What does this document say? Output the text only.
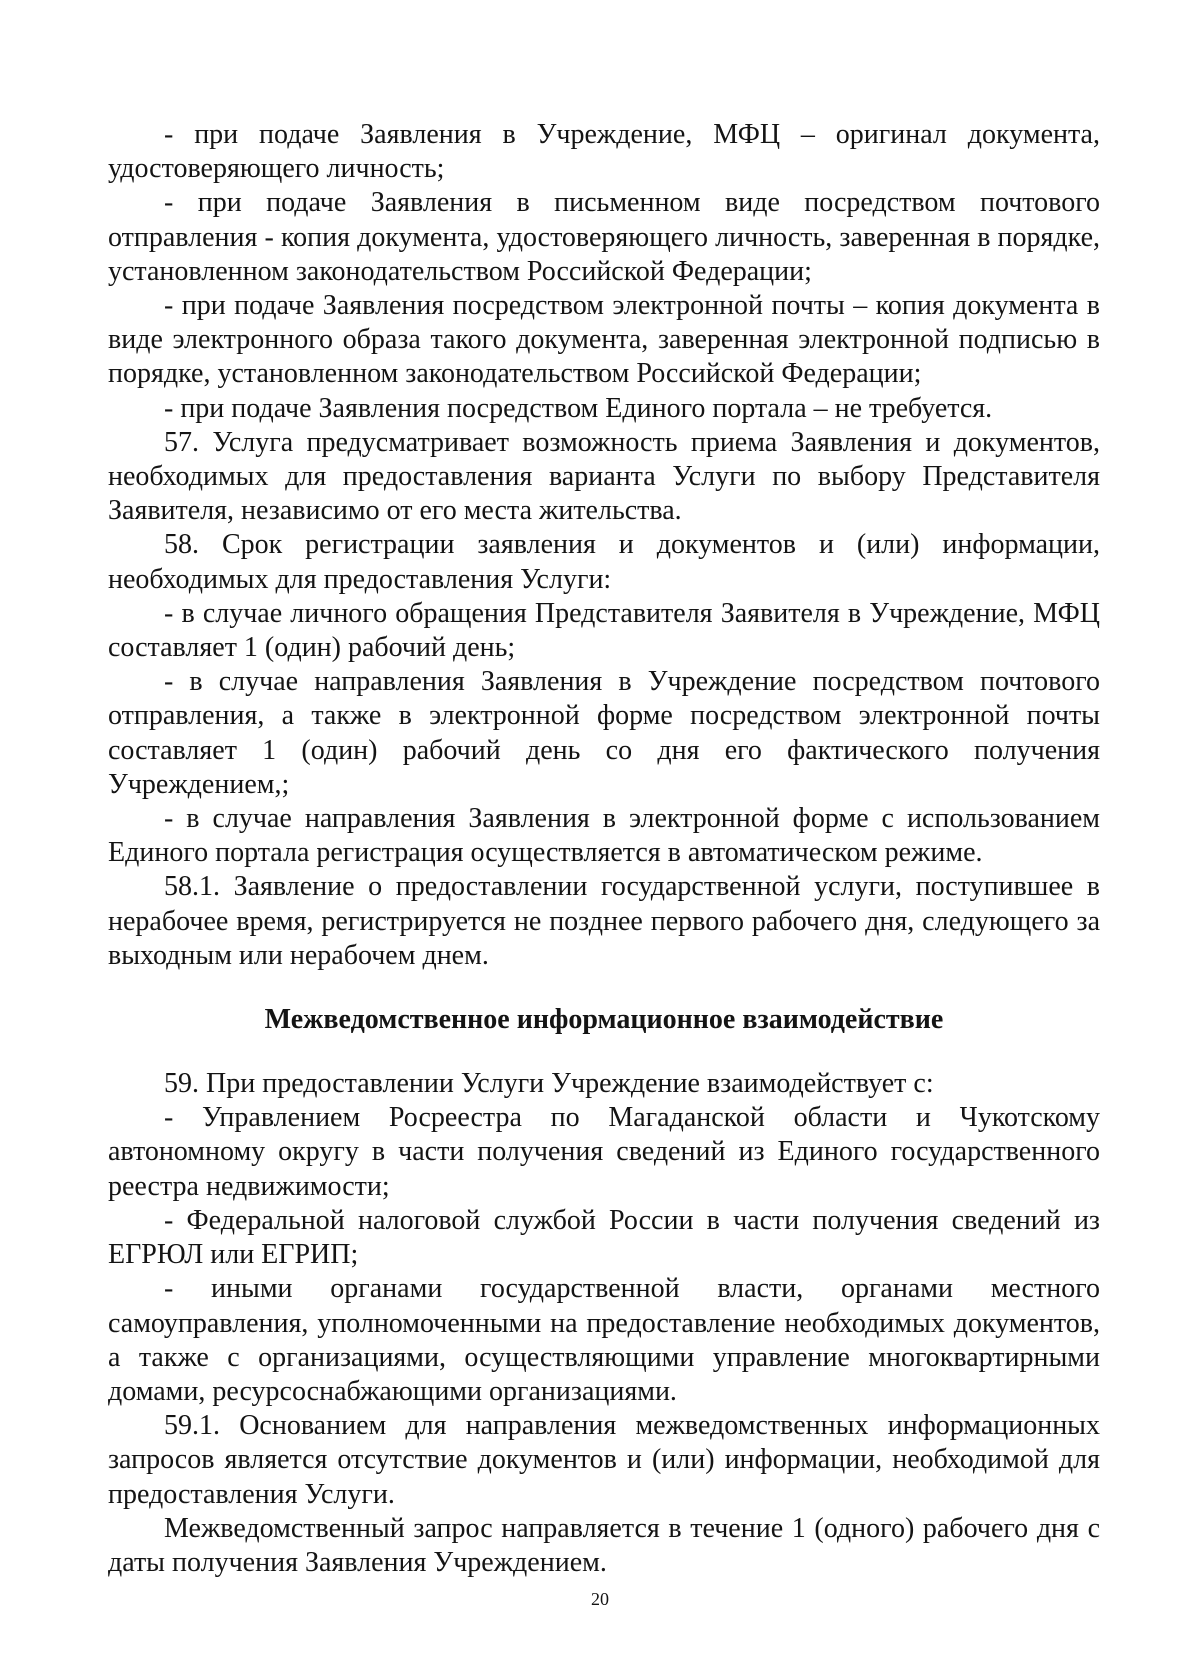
- при подаче Заявления в Учреждение, МФЦ – оригинал документа, удостоверяющего личность;

- при подаче Заявления в письменном виде посредством почтового отправления - копия документа, удостоверяющего личность, заверенная в порядке, установленном законодательством Российской Федерации;

- при подаче Заявления посредством электронной почты – копия документа в виде электронного образа такого документа, заверенная электронной подписью в порядке, установленном законодательством Российской Федерации;

- при подаче Заявления посредством Единого портала – не требуется.

57. Услуга предусматривает возможность приема Заявления и документов, необходимых для предоставления варианта Услуги по выбору Представителя Заявителя, независимо от его места жительства.

58. Срок регистрации заявления и документов и (или) информации, необходимых для предоставления Услуги:

- в случае личного обращения Представителя Заявителя в Учреждение, МФЦ составляет 1 (один) рабочий день;

- в случае направления Заявления в Учреждение посредством почтового отправления, а также в электронной форме посредством электронной почты составляет 1 (один) рабочий день со дня его фактического получения Учреждением,;

- в случае направления Заявления в электронной форме с использованием Единого портала регистрация осуществляется в автоматическом режиме.

58.1. Заявление о предоставлении государственной услуги, поступившее в нерабочее время, регистрируется не позднее первого рабочего дня, следующего за выходным или нерабочем днем.

Межведомственное информационное взаимодействие

59. При предоставлении Услуги Учреждение взаимодействует с:

- Управлением Росреестра по Магаданской области и Чукотскому автономному округу в части получения сведений из Единого государственного реестра недвижимости;

- Федеральной налоговой службой России в части получения сведений из ЕГРЮЛ или ЕГРИП;

- иными органами государственной власти, органами местного самоуправления, уполномоченными на предоставление необходимых документов, а также с организациями, осуществляющими управление многоквартирными домами, ресурсоснабжающими организациями.

59.1. Основанием для направления межведомственных информационных запросов является отсутствие документов и (или) информации, необходимой для предоставления Услуги.

Межведомственный запрос направляется в течение 1 (одного) рабочего дня с даты получения Заявления Учреждением.

20
